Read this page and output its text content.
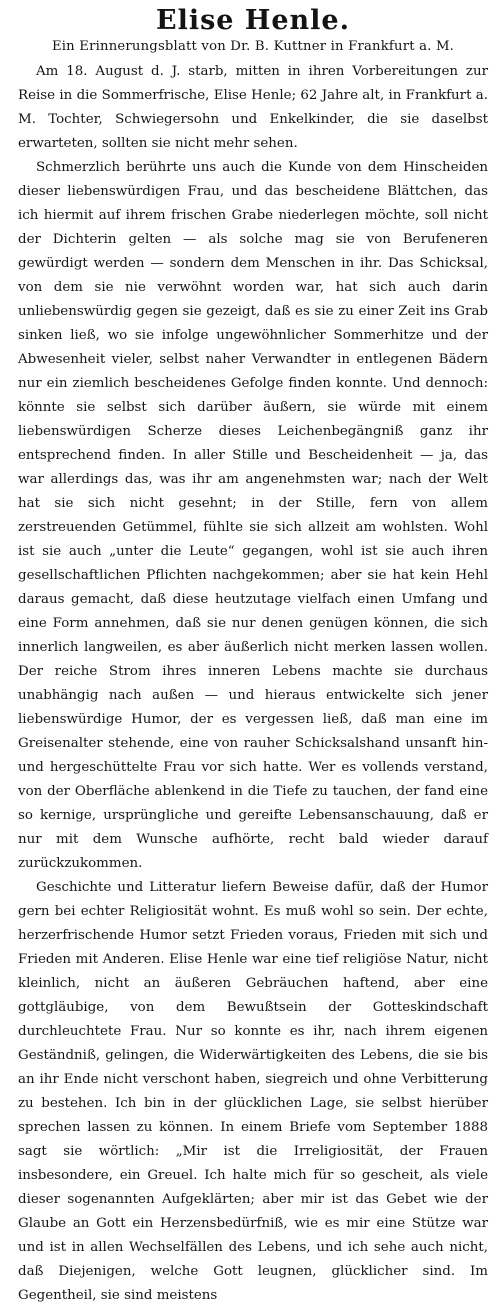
Elise Henle.
Ein Erinnerungsblatt von Dr. B. Kuttner in Frankfurt a. M.

Am 18. August d. J. starb, mitten in ihren Vorbereitungen zur Reise in die Sommerfrische, Elise Henle; 62 Jahre alt, in Frankfurt a. M. Tochter, Schwiegersohn und Enkelkinder, die sie daselbst erwarteten, sollten sie nicht mehr sehen.

Schmerzlich berührte uns auch die Kunde von dem Hinscheiden dieser liebenswürdigen Frau, und das bescheidene Blättchen, das ich hiermit auf ihrem frischen Grabe niederlegen möchte, soll nicht der Dichterin gelten — als solche mag sie von Berufeneren gewürdigt werden — sondern dem Menschen in ihr. Das Schicksal, von dem sie nie verwöhnt worden war, hat sich auch darin unliebenswürdig gegen sie gezeigt, daß es sie zu einer Zeit ins Grab sinken ließ, wo sie infolge ungewöhnlicher Sommerhitze und der Abwesenheit vieler, selbst naher Verwandter in entlegenen Bädern nur ein ziemlich bescheidenes Gefolge finden konnte. Und dennoch: könnte sie selbst sich darüber äußern, sie würde mit einem liebenswürdigen Scherze dieses Leichenbegängniß ganz ihr entsprechend finden. In aller Stille und Bescheidenheit — ja, das war allerdings das, was ihr am angenehmsten war; nach der Welt hat sie sich nicht gesehnt; in der Stille, fern von allem zerstreuenden Getümmel, fühlte sie sich allzeit am wohlsten. Wohl ist sie auch „unter die Leute“ gegangen, wohl ist sie auch ihren gesellschaftlichen Pflichten nachgekommen; aber sie hat kein Hehl daraus gemacht, daß diese heutzutage vielfach einen Umfang und eine Form annehmen, daß sie nur denen genügen können, die sich innerlich langweilen, es aber äußerlich nicht merken lassen wollen. Der reiche Strom ihres inneren Lebens machte sie durchaus unabhängig nach außen — und hieraus entwickelte sich jener liebenswürdige Humor, der es vergessen ließ, daß man eine im Greisenalter stehende, eine von rauher Schicksalshand unsanft hin- und hergeschüttelte Frau vor sich hatte. Wer es vollends verstand, von der Oberfläche ablenkend in die Tiefe zu tauchen, der fand eine so kernige, ursprüngliche und gereifte Lebensanschauung, daß er nur mit dem Wunsche aufhörte, recht bald wieder darauf zurückzukommen.

Geschichte und Litteratur liefern Beweise dafür, daß der Humor gern bei echter Religiosität wohnt. Es muß wohl so sein. Der echte, herzerfrischende Humor setzt Frieden voraus, Frieden mit sich und Frieden mit Anderen. Elise Henle war eine tief religiöse Natur, nicht kleinlich, nicht an äußeren Gebräuchen haftend, aber eine gottgläubige, von dem Bewußtsein der Gotteskindschaft durchleuchtete Frau. Nur so konnte es ihr, nach ihrem eigenen Geständniß, gelingen, die Widerwärtigkeiten des Lebens, die sie bis an ihr Ende nicht verschont haben, siegreich und ohne Verbitterung zu bestehen. Ich bin in der glücklichen Lage, sie selbst hierüber sprechen lassen zu können. In einem Briefe vom September 1888 sagt sie wörtlich: „Mir ist die Irreligiosität, der Frauen insbesondere, ein Greuel. Ich halte mich für so gescheit, als viele dieser sogenannten Aufgeklärten; aber mir ist das Gebet wie der Glaube an Gott ein Herzensbedürfniß, wie es mir eine Stütze war und ist in allen Wechselfällen des Lebens, und ich sehe auch nicht, daß Diejenigen, welche Gott leugnen, glücklicher sind. Im Gegentheil, sie sind meistens
